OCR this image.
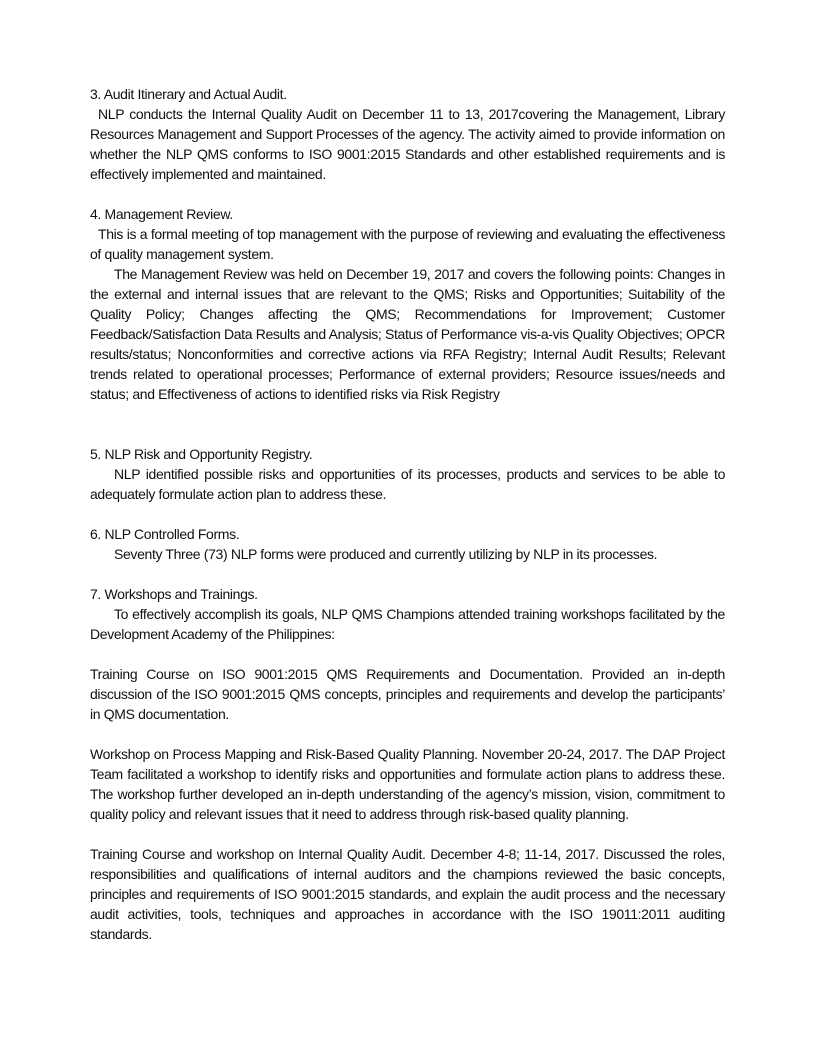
3. Audit Itinerary and Actual Audit.

NLP conducts the Internal Quality Audit on December 11 to 13, 2017covering the Management, Library Resources Management and Support Processes of the agency. The activity aimed to provide information on whether the NLP QMS conforms to ISO 9001:2015 Standards and other established requirements and is effectively implemented and maintained.

4. Management Review.

This is a formal meeting of top management with the purpose of reviewing and evaluating the effectiveness of quality management system.

The Management Review was held on December 19, 2017 and covers the following points: Changes in the external and internal issues that are relevant to the QMS; Risks and Opportunities; Suitability of the Quality Policy; Changes affecting the QMS; Recommendations for Improvement; Customer Feedback/Satisfaction Data Results and Analysis; Status of Performance vis-a-vis Quality Objectives; OPCR results/status; Nonconformities and corrective actions via RFA Registry; Internal Audit Results; Relevant trends related to operational processes; Performance of external providers; Resource issues/needs and status; and Effectiveness of actions to identified risks via Risk Registry

5. NLP Risk and Opportunity Registry.

NLP identified possible risks and opportunities of its processes, products and services to be able to adequately formulate action plan to address these.

6. NLP Controlled Forms.

Seventy Three (73) NLP forms were produced and currently utilizing by NLP in its processes.

7. Workshops and Trainings.

To effectively accomplish its goals, NLP QMS Champions attended training workshops facilitated by the Development Academy of the Philippines:

Training Course on ISO 9001:2015 QMS Requirements and Documentation. Provided an in-depth discussion of the ISO 9001:2015 QMS concepts, principles and requirements and develop the participants’ in QMS documentation.

Workshop on Process Mapping and Risk-Based Quality Planning. November 20-24, 2017. The DAP Project Team facilitated a workshop to identify risks and opportunities and formulate action plans to address these. The workshop further developed an in-depth understanding of the agency’s mission, vision, commitment to quality policy and relevant issues that it need to address through risk-based quality planning.

Training Course and workshop on Internal Quality Audit. December 4-8; 11-14, 2017. Discussed the roles, responsibilities and qualifications of internal auditors and the champions reviewed the basic concepts, principles and requirements of ISO 9001:2015 standards, and explain the audit process and the necessary audit activities, tools, techniques and approaches in accordance with the ISO 19011:2011 auditing standards.
